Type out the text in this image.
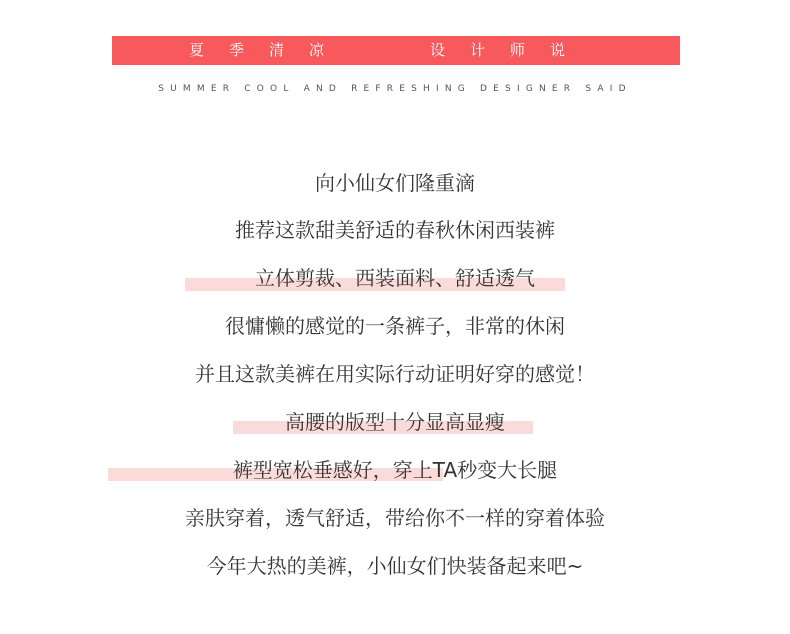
夏季清凉	设计师说
SUMMER COOL AND REFRESHING DESIGNER SAID
向小仙女们隆重滴
推荐这款甜美舒适的春秋休闲西装裤
立体剪裁、西装面料、舒适透气
很慵懒的感觉的一条裤子，非常的休闲
并且这款美裤在用实际行动证明好穿的感觉！
高腰的版型十分显高显瘦
裤型宽松垂感好，穿上TA秒变大长腿
亲肤穿着，透气舒适，带给你不一样的穿着体验
今年大热的美裤，小仙女们快装备起来吧~
